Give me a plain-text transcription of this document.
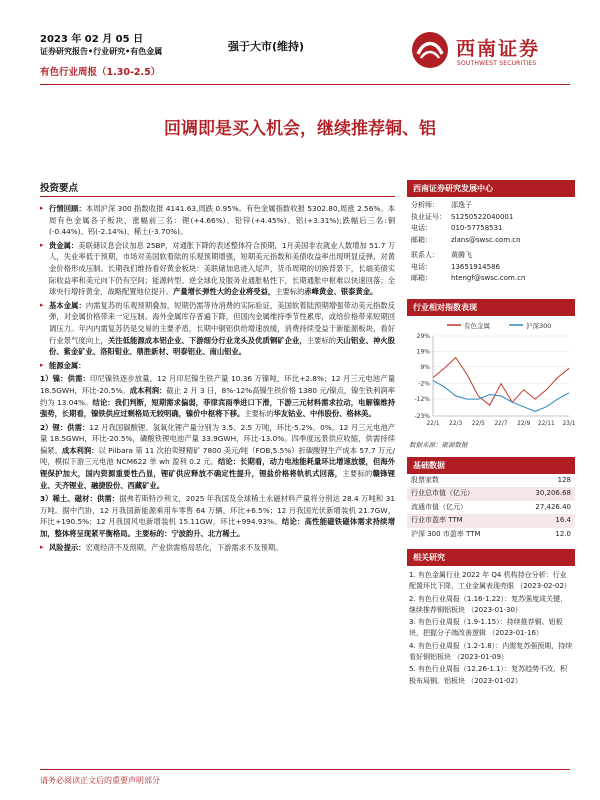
2023 年 02 月 05 日
证券研究报告•行业研究•有色金属
有色行业周报（1.30-2.5）
强于大市(维持)	西南证券
SOUTHWEST SECURITIES
回调即是买入机会，继续推荐铜、铝
投资要点
▸ 行情回顾：本周沪深 300 指数收报 4141.63,周跌 0.95%。有色金属指数收报 5302.80,周涨 2.56%。本周有色金属各子板块，涨幅前三名：锂(+4.66%)、铅锌(+4.45%)、铝(+3.31%);跌幅后三名:铜(-0.44%)、钨(-2.14%)、稀土(-3.70%)。
▸ 贵金属：美联储议息会议加息 25BP，对通胀下降的表述整体符合预期，1月美国非农就业人数增加 51.7 万人，失业率低于预期，市场对美国软着陆的乐观预期增强，短期美元指数和美债收益率出现明显反弹，对黄金价格形成压制。长期我们维持看好黄金板块：美联储加息进入尾声，货币周期的切换背景下，长端美债实际收益率和美元向下仍有空间；能源转型、逆全球化及服务业通胀粘性下，长期通胀中枢难以快速回落；全球央行增持黄金，战略配置地位提升。产量增长弹性大的企业将受益，主要标的赤峰黄金、银泰黄金。
▸ 基本金属：内需复苏的乐观预期叠加，短期仍需等待消费的实际验证，美国软着陆预期增强带动美元指数反弹，对金属价格带来一定压制。海外金属库存普遍下降，但国内金属维持季节性累库，或给价格带来短期回调压力。年内内需复苏仍是交易的主要矛盾，长期中铜铝供给增速放缓，消费持续受益于新能源板块，看好行业景气度向上，关注低能源成本铝企业、下游细分行业龙头及优质铜矿企业，主要标的天山铝业、神火股份、紫金矿业、洛阳钼业、鼎胜新材、明泰铝业、南山铝业。
▸ 能源金属：
1）镍：供需：印尼镍铁逐步放量，12 月印尼镍生铁产量 10.36 万镍吨，环比+2.8%；12 月三元电池产量 18.5GWH，环比-20.5%。成本利润：截止 2 月 3 日，8%-12%高镍生铁价格 1380 元/镍点，镍生铁利润率约为 13.04%。结论：我们判断，短期需求偏弱，菲律宾雨季进口下滑，下游三元材料需求拉动，电解镍维持强势，长期看，镍铁供应过剩格局无较明确，镍价中枢将下移。主要标的华友钴业、中伟股份、格林美。
2）锂：供需：12 月我国碳酸锂、氢氧化锂产量分别为 3.5、2.5 万吨，环比-5.2%、0%。12 月三元电池产量 18.5GWH，环比-20.5%，磷酸铁锂电池产量 33.9GWH，环比-13.0%。四季度远景供应收缩，供需持续偏紧。成本利润：以 Pilbara 第 11 次拍卖锂精矿 7800 美元/吨（FOB,5.5%）折碳酸锂生产成本 57.7 万元/吨，模拟下游三元电池 NCM622 单 wh 盈利 0.2 元。结论：长期看，动力电池能耗量环比增速放缓，但海外锂保护加大，国内资源重要性凸显，锂矿供应释放不确定性提升，锂盐价格将轨机式回落，主要标的赣锋锂业、天齐锂业、融捷股份、西藏矿业。
3）稀土、磁材：供需：据弗若斯特沙利文，2025 年我国及全球稀土永磁材料产量将分别达 28.4 万吨和 31 万吨。据中汽协，12 月我国新能源乘用车零售 64 万辆，环比+6.5%；12 月我国光伏新增装机 21.7GW，环比+190.5%；12 月我国风电新增装机 15.11GW，环比+994.93%。结论：高性能磁铁磁体需求持续增加，整体将呈现紧平衡格局。主要标的：宁波韵升、北方稀土。
▸ 风险提示：宏观经济不及预期，产业供需格局恶化，下游需求不及预期。
西南证券研究发展中心
分析师：	邵逸子
执业证号： S1250522040001
电话：	010-57758531
邮箱：	zlans@swsc.com.cn
联系人：	黄腾飞
电话：	13651914586
邮箱：	htengf@swsc.com.cn
行业相对指数表现
有色金属	沪深300
29%
19%
9%
-2%
-12%
-23%
22/1 22/3 22/5 22/7 22/9 22/11 23/1
数据来源：聚源数据
基础数据
股票家数	128
行业总市值（亿元）	30,206.68
流通市值（亿元）	27,426.40
行业市盈率 TTM	16.4
沪深 300 市盈率 TTM	12.0
相关研究
1. 有色金属行业 2022 年 Q4 机构持仓分析：行业配置环比下降，工业金属表现亮眼 （2023-02-02）
2. 有色行业周报（1.16-1.22）：复苏强度成关键，继续推荐铜铝板块 （2023-01-30）
3. 有色行业周报（1.9-1.15）：持续推荐铜、铝板块，把握分子端改善逻辑 （2023-01-16）
4. 有色行业周报（1.2-1.8）：内需复苏强预期，持续看好铜铝板块 （2023-01-09）
5. 有色行业周报（12.26-1.1）：复苏趋势不改，积极布局铜、铝板块 （2023-01-02）
请务必阅读正文后的重要声明部分
